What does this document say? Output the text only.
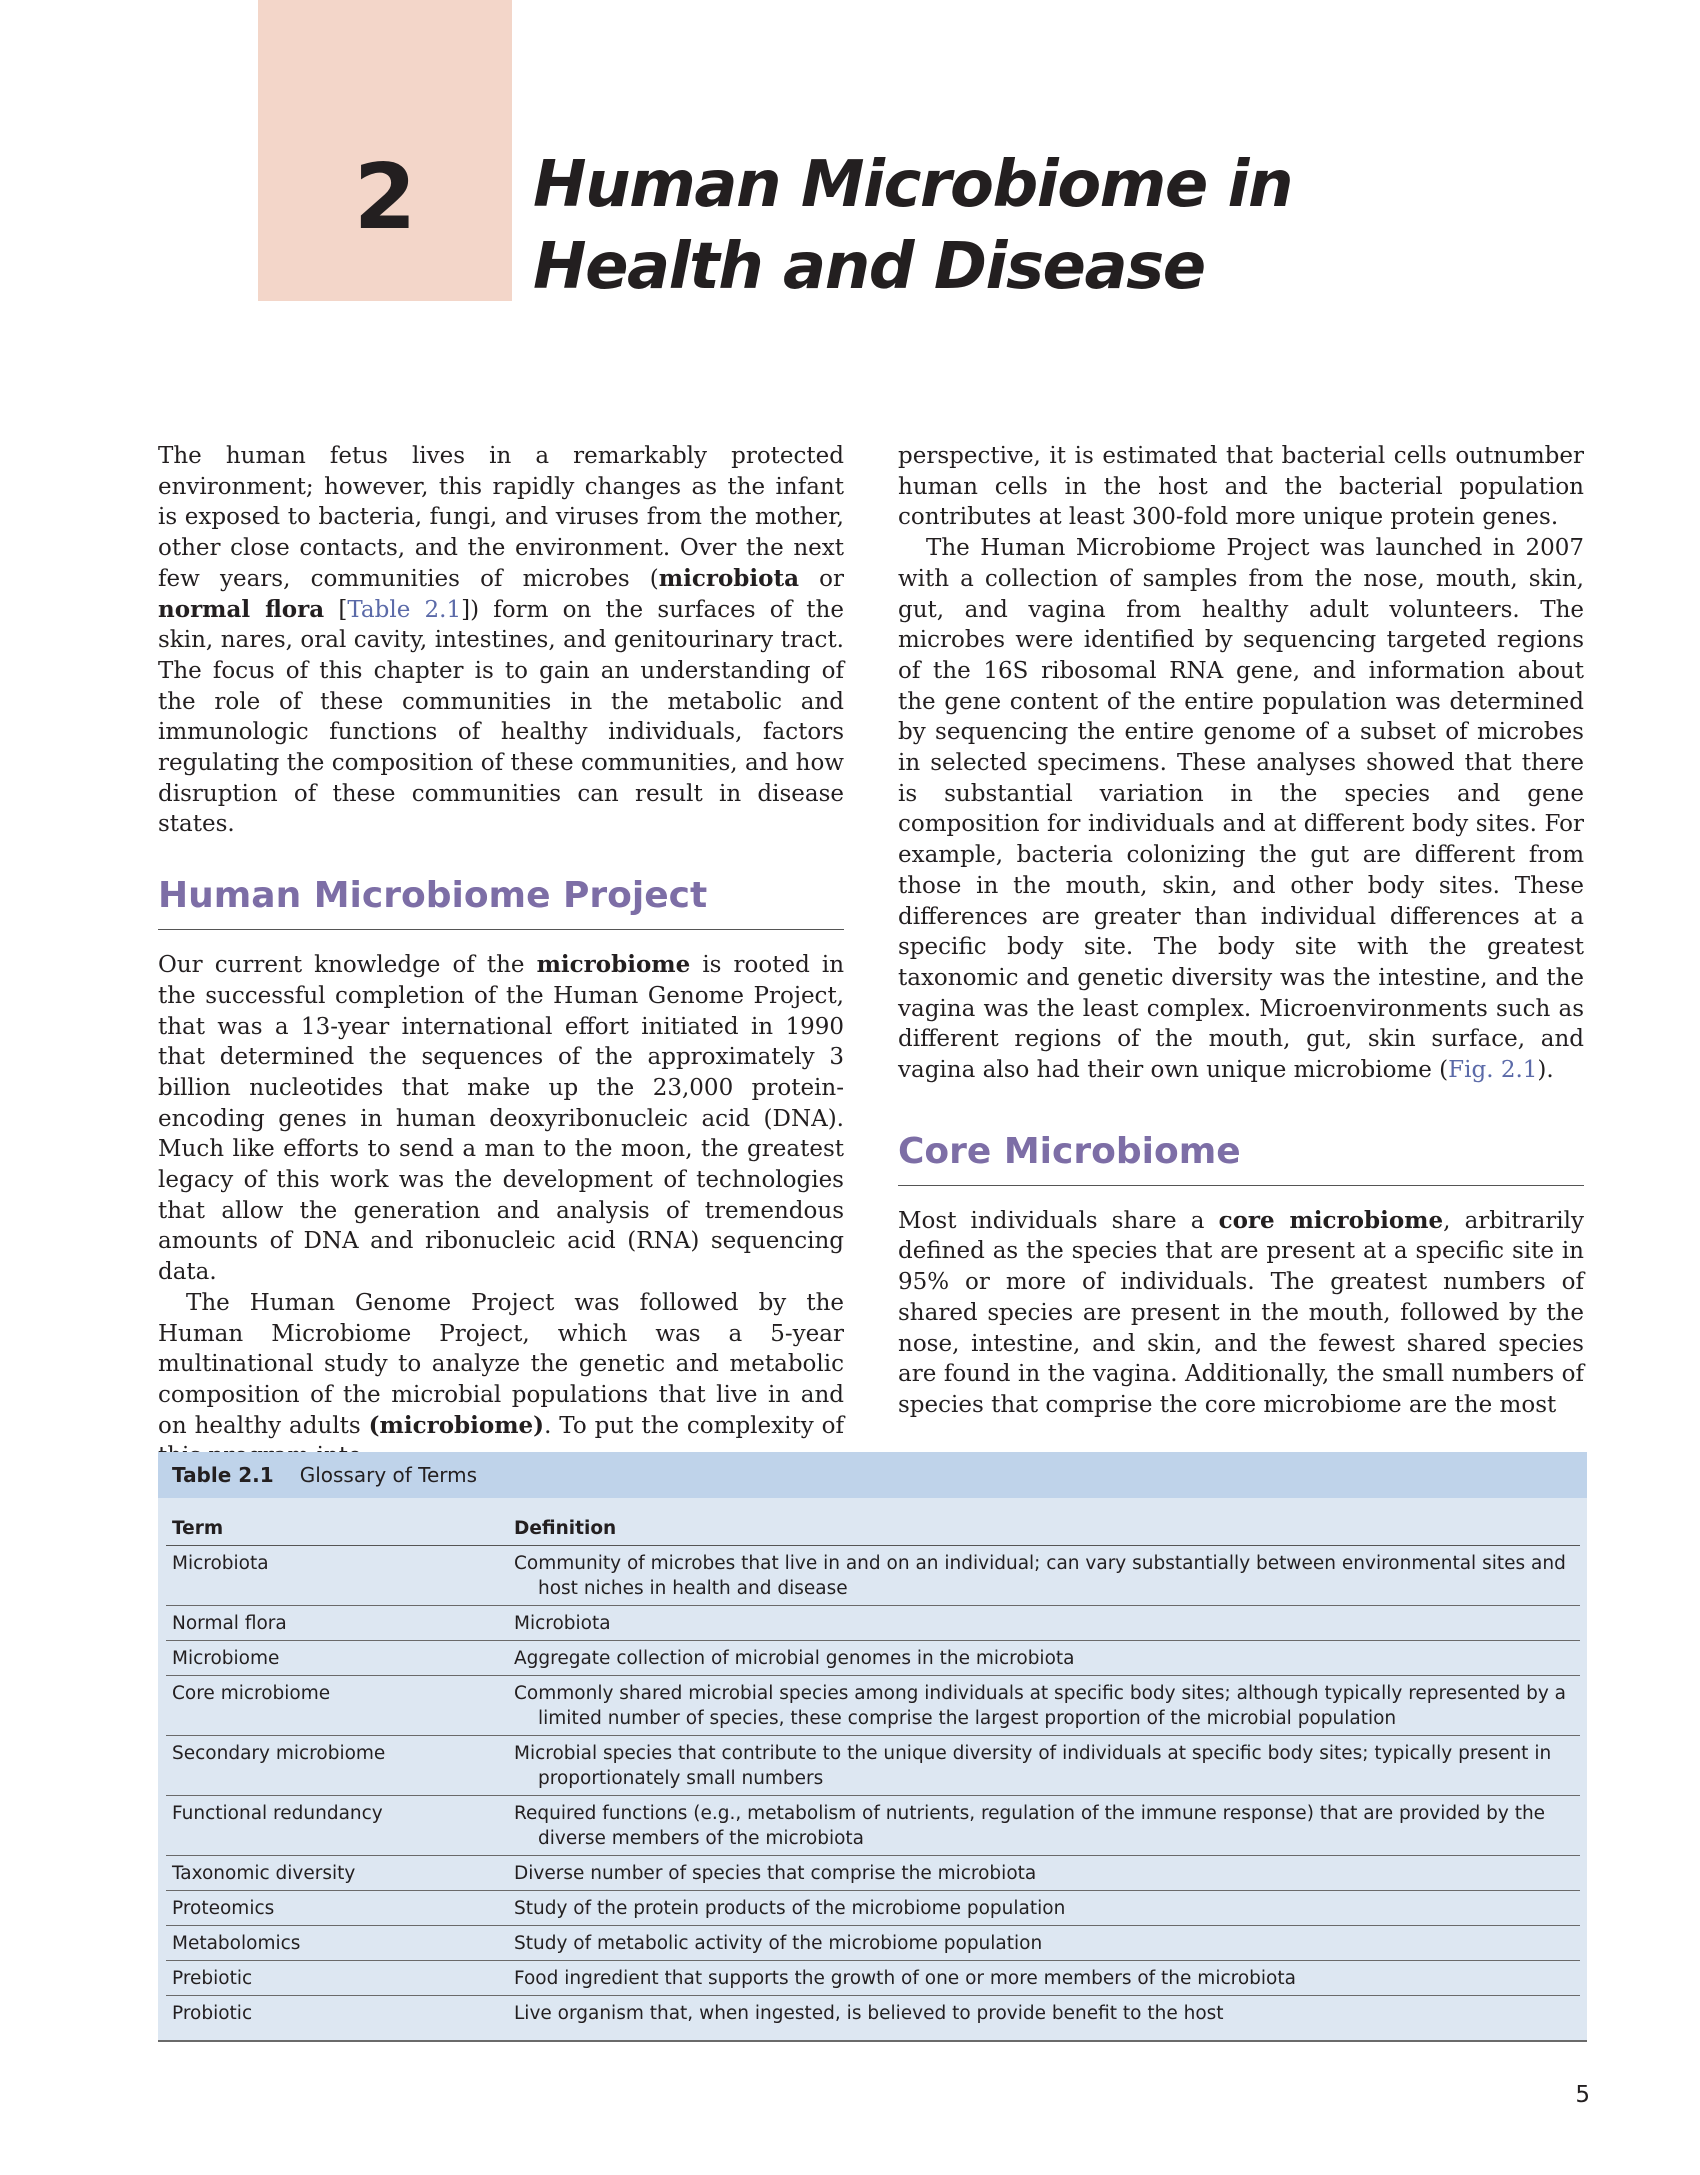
2	Human Microbiome in Health and Disease

The human fetus lives in a remarkably protected environment; however, this rapidly changes as the infant is exposed to bacteria, fungi, and viruses from the mother, other close contacts, and the environment. Over the next few years, communities of microbes (microbiota or normal flora [Table 2.1]) form on the surfaces of the skin, nares, oral cavity, intestines, and genitourinary tract. The focus of this chapter is to gain an understanding of the role of these communities in the metabolic and immunologic functions of healthy individuals, factors regulating the composition of these communities, and how disruption of these communities can result in disease states.

Human Microbiome Project

Our current knowledge of the microbiome is rooted in the successful completion of the Human Genome Project, that was a 13-year international effort initiated in 1990 that determined the sequences of the approximately 3 billion nucleotides that make up the 23,000 protein-encoding genes in human deoxyribonucleic acid (DNA). Much like efforts to send a man to the moon, the greatest legacy of this work was the development of technologies that allow the generation and analysis of tremendous amounts of DNA and ribonucleic acid (RNA) sequencing data.

The Human Genome Project was followed by the Human Microbiome Project, which was a 5-year multinational study to analyze the genetic and metabolic composition of the microbial populations that live in and on healthy adults (microbiome). To put the complexity of

perspective, it is estimated that bacterial cells outnumber human cells in the host and the bacterial population contributes at least 300-fold more unique protein genes.

The Human Microbiome Project was launched in 2007 with a collection of samples from the nose, mouth, skin, gut, and vagina from healthy adult volunteers. The microbes were identified by sequencing targeted regions of the 16S ribosomal RNA gene, and information about the gene content of the entire population was determined by sequencing the entire genome of a subset of microbes in selected specimens. These analyses showed that there is substantial variation in the species and gene composition for individuals and at different body sites. For example, bacteria colonizing the gut are different from those in the mouth, skin, and other body sites. These differences are greater than individual differences at a specific body site. The body site with the greatest taxonomic and genetic diversity was the intestine, and the vagina was the least complex. Microenvironments such as different regions of the mouth, gut, skin surface, and vagina also had their own unique microbiome (Fig. 2.1).

Core Microbiome

Most individuals share a core microbiome, arbitrarily defined as the species that are present at a specific site in 95% or more of individuals. The greatest numbers of shared species are present in the mouth, followed by the nose, intestine, and skin, and the fewest shared species are found in the vagina. Additionally, the small numbers of species that comprise the core microbiome are the most

Table 2.1 Glossary of Terms
Term	Definition
Microbiota	Community of microbes that live in and on an individual; can vary substantially between environmental sites and host niches in health and disease

Normal flora	Microbiota

Microbiome	Aggregate collection of microbial genomes in the microbiota

Core microbiome	Commonly shared microbial species among individuals at specific body sites; although typically represented by a limited number of species, these comprise the largest proportion of the microbial population

Secondary microbiome	Microbial species that contribute to the unique diversity of individuals at specific body sites; typically present in proportionately small numbers

Functional redundancy	Required functions (e.g., metabolism of nutrients, regulation of the immune response) that are provided by the diverse members of the microbiota

Taxonomic diversity	Diverse number of species that comprise the microbiota

Proteomics	Study of the protein products of the microbiome population

Metabolomics	Study of metabolic activity of the microbiome population

Prebiotic	Food ingredient that supports the growth of one or more members of the microbiota

Probiotic	Live organism that, when ingested, is believed to provide benefit to the host
5
